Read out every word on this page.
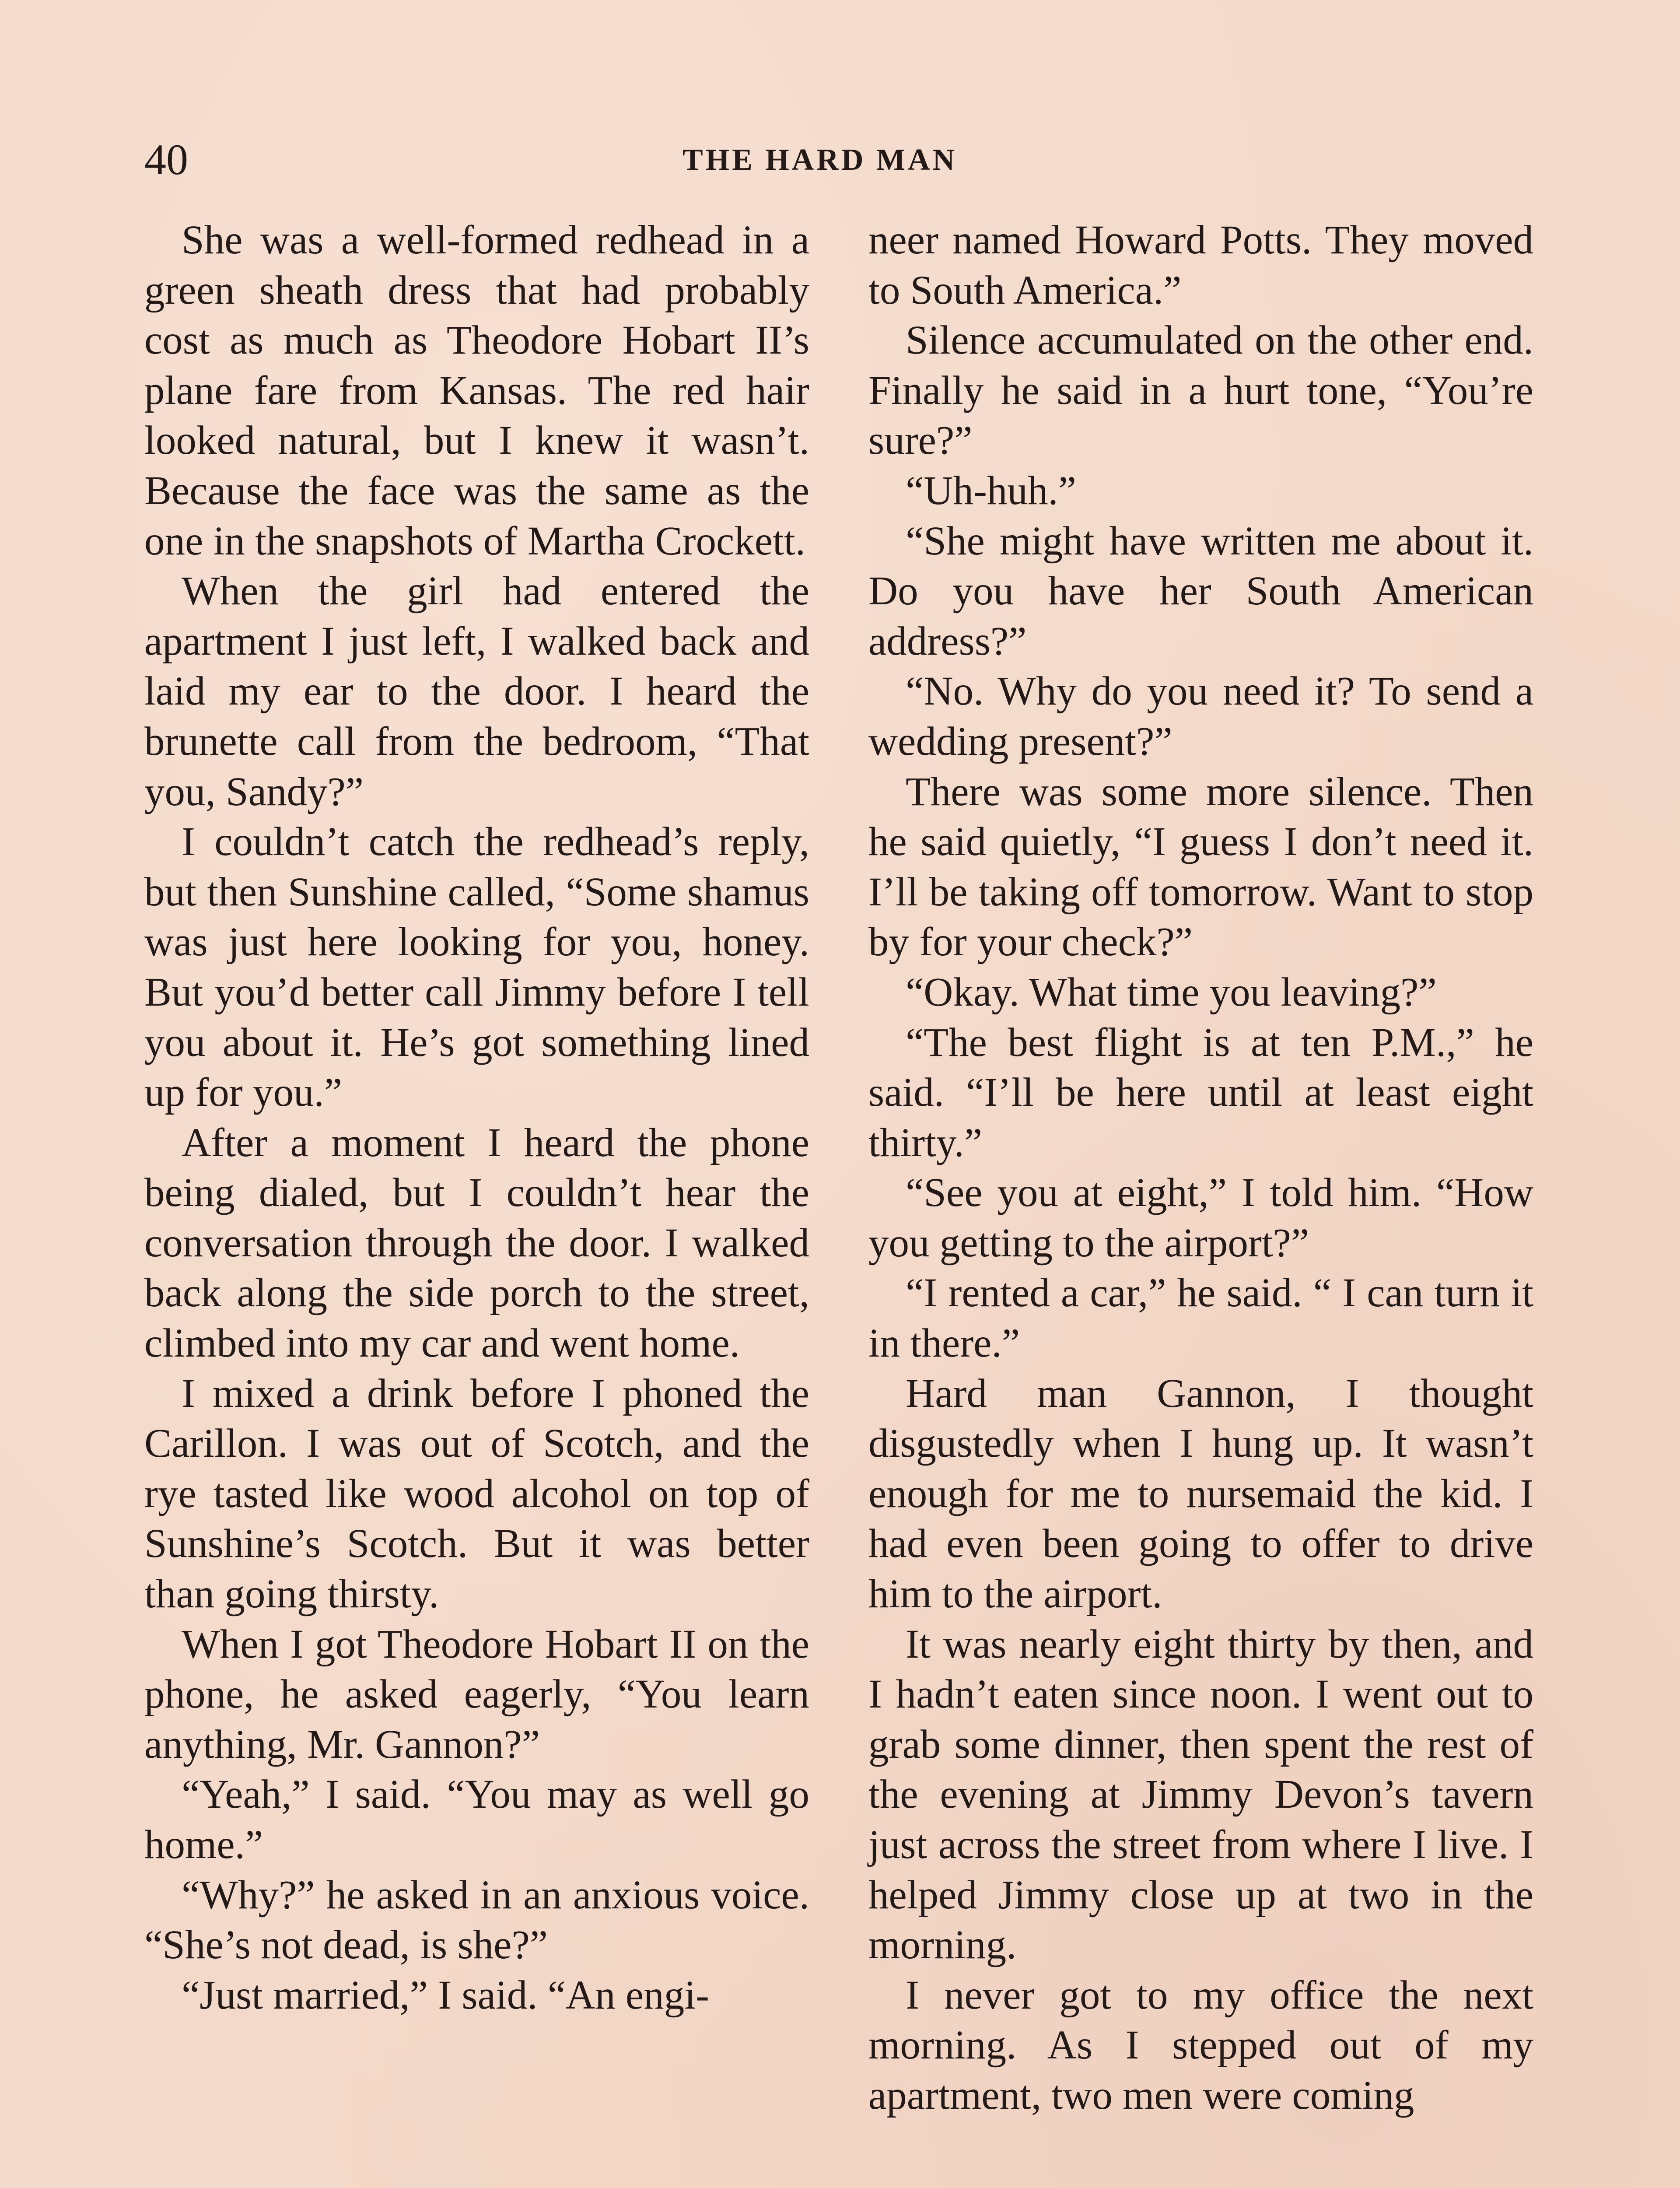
40	THE HARD MAN

She was a well-formed redhead in a green sheath dress that had probably cost as much as Theodore Hobart II’s plane fare from Kansas. The red hair looked natural, but I knew it wasn’t. Because the face was the same as the one in the snapshots of Martha Crockett.

When the girl had entered the apartment I just left, I walked back and laid my ear to the door. I heard the brunette call from the bedroom, “That you, Sandy?”

I couldn’t catch the redhead’s reply, but then Sunshine called, “Some shamus was just here looking for you, honey. But you’d better call Jimmy before I tell you about it. He’s got something lined up for you.”

After a moment I heard the phone being dialed, but I couldn’t hear the conversation through the door. I walked back along the side porch to the street, climbed into my car and went home.

I mixed a drink before I phoned the Carillon. I was out of Scotch, and the rye tasted like wood alcohol on top of Sunshine’s Scotch. But it was better than going thirsty.

When I got Theodore Hobart II on the phone, he asked eagerly, “You learn anything, Mr. Gannon?”

“Yeah,” I said. “You may as well go home.”

“Why?” he asked in an anxious voice. “She’s not dead, is she?”

“Just married,” I said. “An engi-

neer named Howard Potts. They moved to South America.”

Silence accumulated on the other end. Finally he said in a hurt tone, “You’re sure?”

“Uh-huh.”

“She might have written me about it. Do you have her South American address?”

“No. Why do you need it? To send a wedding present?”

There was some more silence. Then he said quietly, “I guess I don’t need it. I’ll be taking off tomorrow. Want to stop by for your check?”

“Okay. What time you leaving?”

“The best flight is at ten P.M.,” he said. “I’ll be here until at least eight thirty.”

“See you at eight,” I told him. “How you getting to the airport?”

“I rented a car,” he said. “ I can turn it in there.”

Hard man Gannon, I thought disgustedly when I hung up. It wasn’t enough for me to nursemaid the kid. I had even been going to offer to drive him to the airport.

It was nearly eight thirty by then, and I hadn’t eaten since noon. I went out to grab some dinner, then spent the rest of the evening at Jimmy Devon’s tavern just across the street from where I live. I helped Jimmy close up at two in the morning.

I never got to my office the next morning. As I stepped out of my apartment, two men were coming
